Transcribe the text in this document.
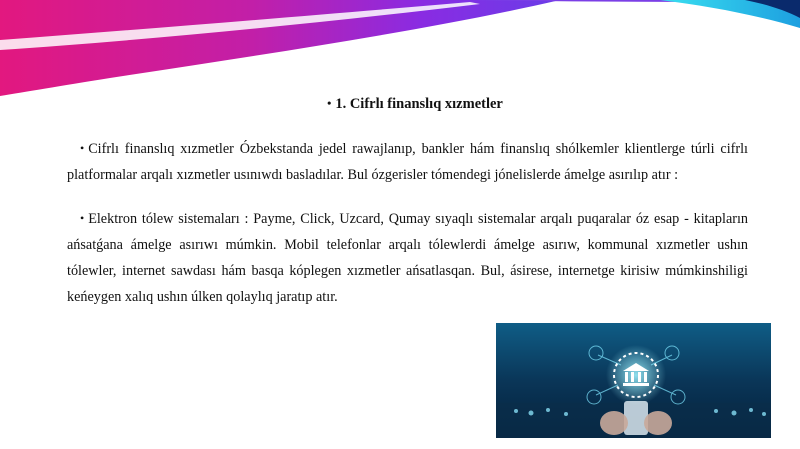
• 1. Cifrlı finanslıq xızmetler
• Cifrlı finanslıq xızmetler Ózbekstanda jedel rawajlanıp, bankler hám finanslıq shólkemler klientlerge túrli cifrlı platformalar arqalı xızmetler usınıwdı basladılar. Bul ózgerisler tómendegi jónelislerde ámelge asırılıp atır :
• Elektron tólew sistemaları : Payme, Click, Uzcard, Qumay sıyaqlı sistemalar arqalı puqaralar óz esap - kitapların ańsatǵana ámelge asırıwı múmkin. Mobil telefonlar arqalı tólewlerdi ámelge asırıw, kommunal xızmetler ushın tólewler, internet sawdası hám basqa kóplegen xızmetler ańsatlasqan. Bul, ásirese, internetge kirisiw múmkinshiligi keńeygen xalıq ushın úlken qolaylıq jaratıp atır.
